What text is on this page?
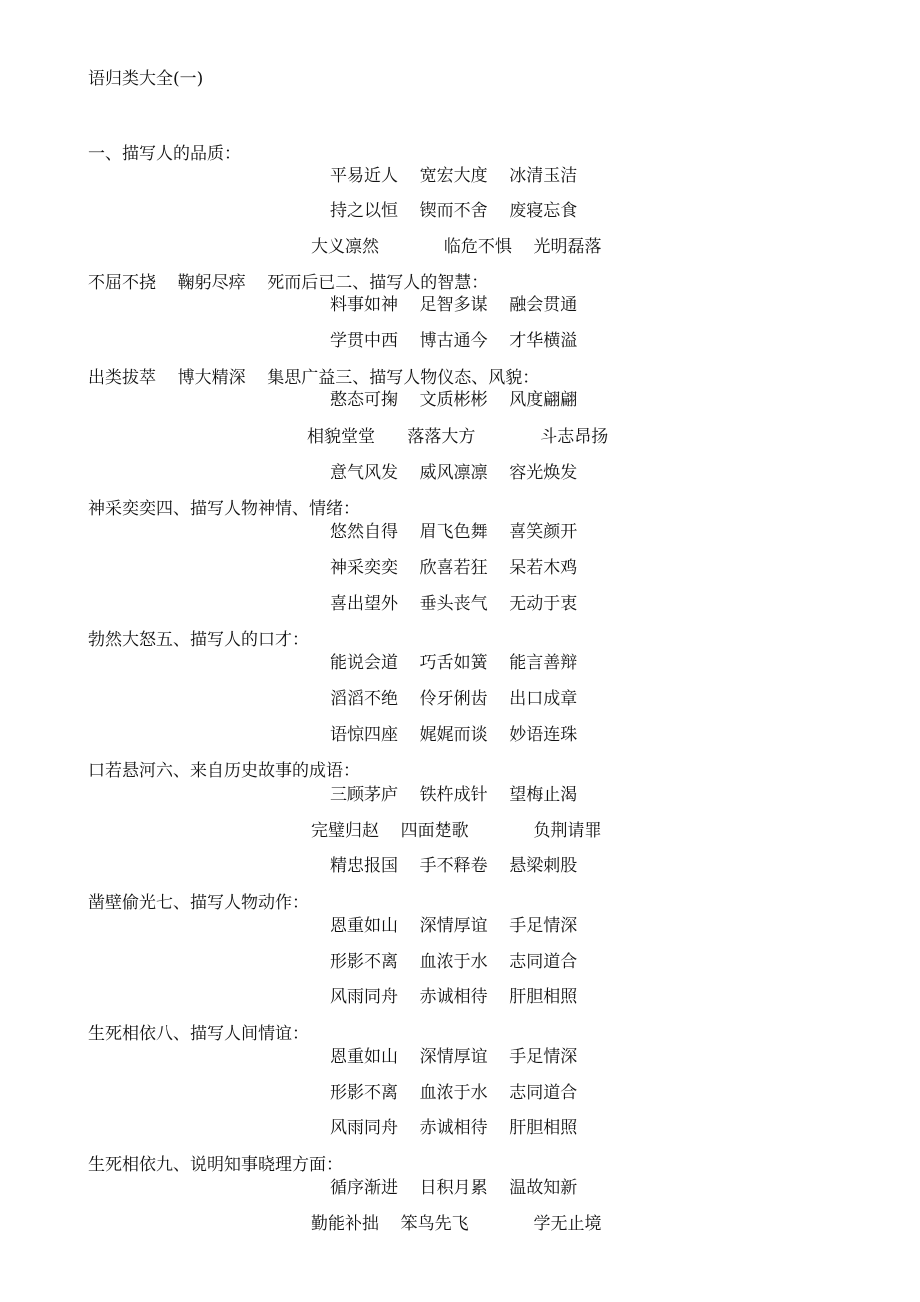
语归类大全(一)
一、描写人的品质：
平易近人    宽宏大度    冰清玉洁
持之以恒    锲而不舍    废寝忘食
大义凛然            临危不惧    光明磊落
不屈不挠    鞠躬尽瘁    死而后已二、描写人的智慧：
料事如神    足智多谋    融会贯通
学贯中西    博古通今    才华横溢
出类拔萃    博大精深    集思广益三、描写人物仪态、风貌：
憨态可掬    文质彬彬    风度翩翩
相貌堂堂      落落大方            斗志昂扬
意气风发    威风凛凛    容光焕发
神采奕奕四、描写人物神情、情绪：
悠然自得    眉飞色舞    喜笑颜开
神采奕奕    欣喜若狂    呆若木鸡
喜出望外    垂头丧气    无动于衷
勃然大怒五、描写人的口才：
能说会道    巧舌如簧    能言善辩
滔滔不绝    伶牙俐齿    出口成章
语惊四座    娓娓而谈    妙语连珠
口若悬河六、来自历史故事的成语：
三顾茅庐    铁杵成针    望梅止渴
完璧归赵    四面楚歌            负荆请罪
精忠报国    手不释卷    悬梁刺股
凿壁偷光七、描写人物动作：
恩重如山    深情厚谊    手足情深
形影不离    血浓于水    志同道合
风雨同舟    赤诚相待    肝胆相照
生死相依八、描写人间情谊：
恩重如山    深情厚谊    手足情深
形影不离    血浓于水    志同道合
风雨同舟    赤诚相待    肝胆相照
生死相依九、说明知事晓理方面：
循序渐进    日积月累    温故知新
勤能补拙    笨鸟先飞            学无止境
